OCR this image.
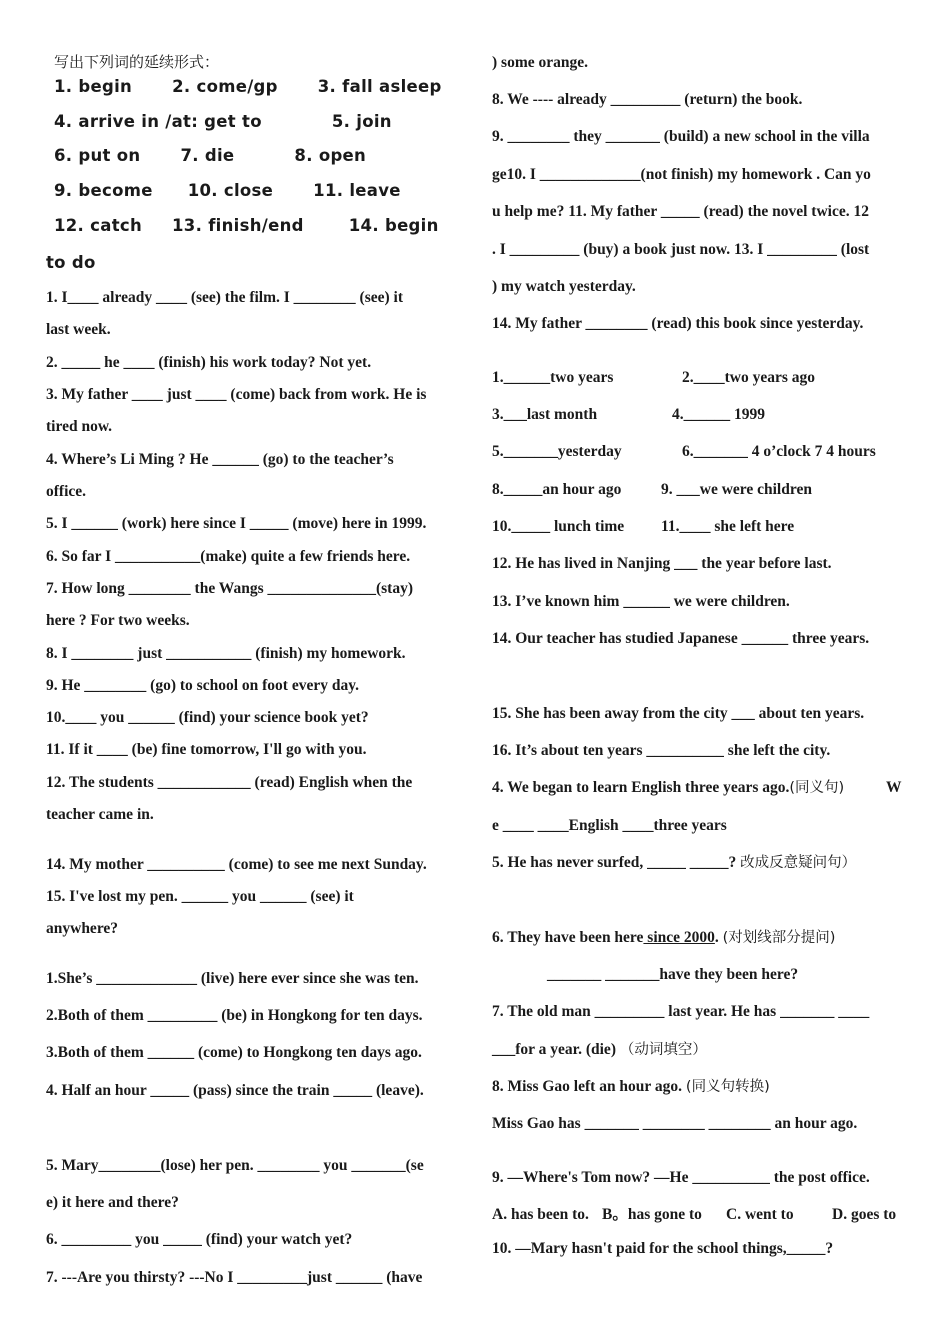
写出下列词的延续形式：
1. begin 2. come/gp 3. fall asleep
4. arrive in /at: get to	5. join
6. put on 7. die	8. open
9. become 10. close 11. leave
12. catch 13. finish/end	14. begin
to do
1. I____ already ____ (see) the film. I ________ (see) it
last week.
2. _____ he ____ (finish) his work today? Not yet.
3. My father ____ just ____ (come) back from work. He is
tired now.
4. Where’s Li Ming ? He ______ (go) to the teacher’s
office.
5. I ______ (work) here since I _____ (move) here in 1999.
6. So far I ___________(make) quite a few friends here.
7. How long ________ the Wangs ______________(stay)
here ? For two weeks.
8. I ________ just ___________ (finish) my homework.
9. He ________ (go) to school on foot every day.
10.____ you ______ (find) your science book yet?
11. If it ____ (be) fine tomorrow, I'll go with you.
12. The students ____________ (read) English when the
teacher came in.
14. My mother __________ (come) to see me next Sunday.
15. I've lost my pen. ______ you ______ (see) it
anywhere?
1.She’s _____________ (live) here ever since she was ten.
2.Both of them _________ (be) in Hongkong for ten days.
3.Both of them ______ (come) to Hongkong ten days ago.
4. Half an hour _____ (pass) since the train _____ (leave).
5. Mary________(lose) her pen. ________ you _______(se
e) it here and there?
6. _________ you _____ (find) your watch yet?
7. ---Are you thirsty? ---No I _________just ______ (have
) some orange.
8. We ---- already _________ (return) the book.
9. ________ they _______ (build) a new school in the villa
ge10. I _____________(not finish) my homework . Can yo
u help me? 11. My father _____ (read) the novel twice. 12
. I _________ (buy) a book just now. 13. I _________ (lost
) my watch yesterday.
14. My father ________ (read) this book since yesterday.
1.______two years	2.____two years ago
3.___last month	4.______ 1999
5._______yesterday	6._______ 4 o’clock 7 4 hours
8._____an hour ago	9. ___we were children
10._____ lunch time 11.____ she left here
12. He has lived in Nanjing ___ the year before last.
13. I’ve known him ______ we were children.
14. Our teacher has studied Japanese ______ three years.
15. She has been away from the city ___ about ten years.
16. It’s about ten years __________ she left the city.
4. We began to learn English three years ago.(同义句)	W
e ____ ____English ____three years
5. He has never surfed, _____ _____? 改成反意疑问句）
6. They have been here since 2000. (对划线部分提问)
_______ _______have they been here?
7. The old man _________ last year. He has _______ ____
___for a year. (die) （动词填空）
8. Miss Gao left an hour ago. (同义句转换)
Miss Gao has _______ ________ ________ an hour ago.
9. —Where's Tom now? —He __________ the post office.
A. has been to. B。has gone to C. went to D. goes to
10. —Mary hasn't paid for the school things,_____?
